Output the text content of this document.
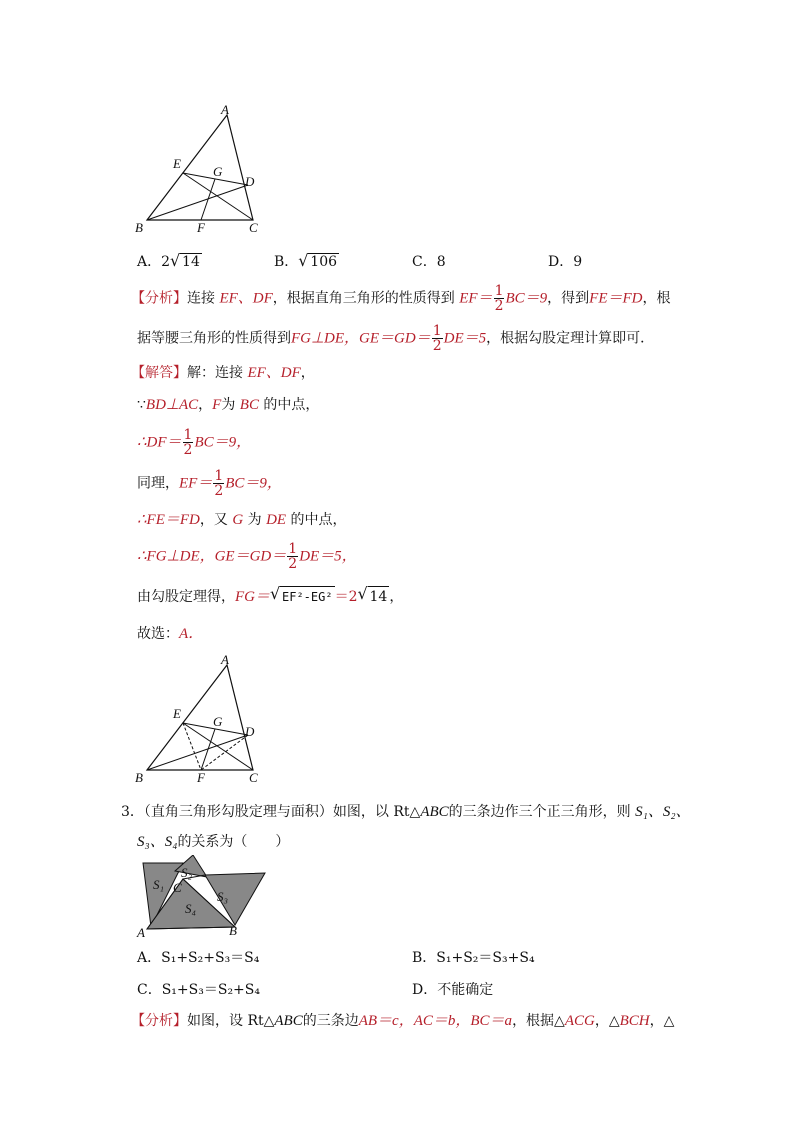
A
B	C
D
E
F
G
A．2 √ 14	B． √ 106	C．8	D．9
【分析】连接 EF、DF，根据直角三角形的性质得到 $EF= \frac{1}{2} BC=9$，得到FE＝FD，根
据等腰三角形的性质得到FG⊥DE，$GE=GD= \frac{1}{2} DE=5$，根据勾股定理计算即可．
【解答】解：连接 EF、DF，
∵BD⊥AC，F为 BC 的中点，
∴DF＝ $\frac{1}{2} BC=9$，
同理，$EF= \frac{1}{2} BC=9$，
∴FE＝FD，又 G 为 DE 的中点，
∴FG⊥DE，$GE=GD= \frac{1}{2} DE=5$，
由勾股定理得，FG＝ √ EF²-EG² ＝2 √ 14 ，
故选：A．
A
B	C
D
E
F
G
3．（直角三角形勾股定理与面积）如图，以 Rt△ABC的三条边作三个正三角形，则 S₁、S₂、
S₃、S₄的关系为（　　）
S₁
S₂
C
S₃
S₄
A	B
A．S₁+S₂+S₃＝S₄	B．S₁+S₂＝S₃+S₄
C．S₁+S₃＝S₂+S₄	D．不能确定
【分析】如图，设 Rt△ABC的三条边AB＝c，AC＝b，BC＝a，根据△ACG，△BCH，△
